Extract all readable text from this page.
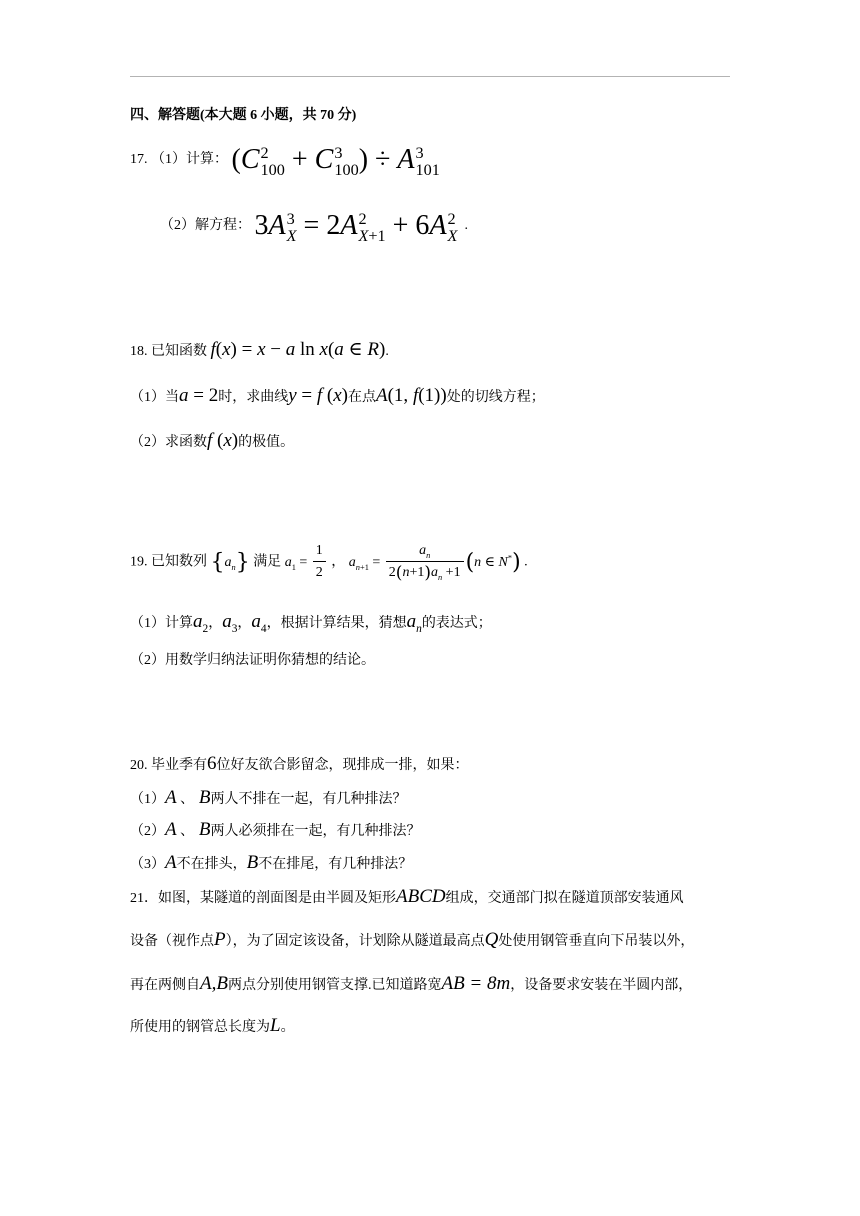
四、解答题(本大题 6 小题，共 70 分)
17. （1）计算： (C 2
100 + C 3
100 ) ÷ A 3
101
（2）解方程： 3A 3
X = 2A 2
X+1 + 6A 2
X
.
18. 已知函数 f(x) = x − a ln x(a ∈ R).
（1）当a = 2时，求曲线y = f (x)在点A(1, f(1))处的切线方程；
（2）求函数f (x)的极值。
19. 已知数列 $\{a_n\}$ 满足 $a_1 = \frac{1}{2}$ ， $a_{n+1} = \frac{a_n}{2(n+1)a_n +1} (n$ ∈ N*) .
（1）计算$a_2$，$a_3$，$a_4$，根据计算结果，猜想$a_n$的表达式；
（2）用数学归纳法证明你猜想的结论。
20. 毕业季有6位好友欲合影留念，现排成一排，如果：
（1）A 、 B两人不排在一起，有几种排法？
（2）A 、 B两人必须排在一起，有几种排法？
（3）A不在排头，B不在排尾，有几种排法？
21．如图，某隧道的剖面图是由半圆及矩形ABCD组成，交通部门拟在隧道顶部安装通风
设备（视作点P），为了固定该设备，计划除从隧道最高点Q处使用钢管垂直向下吊装以外，
再在两侧自A,B两点分别使用钢管支撑.已知道路宽AB = 8m，设备要求安装在半圆内部，
所使用的钢管总长度为L。
